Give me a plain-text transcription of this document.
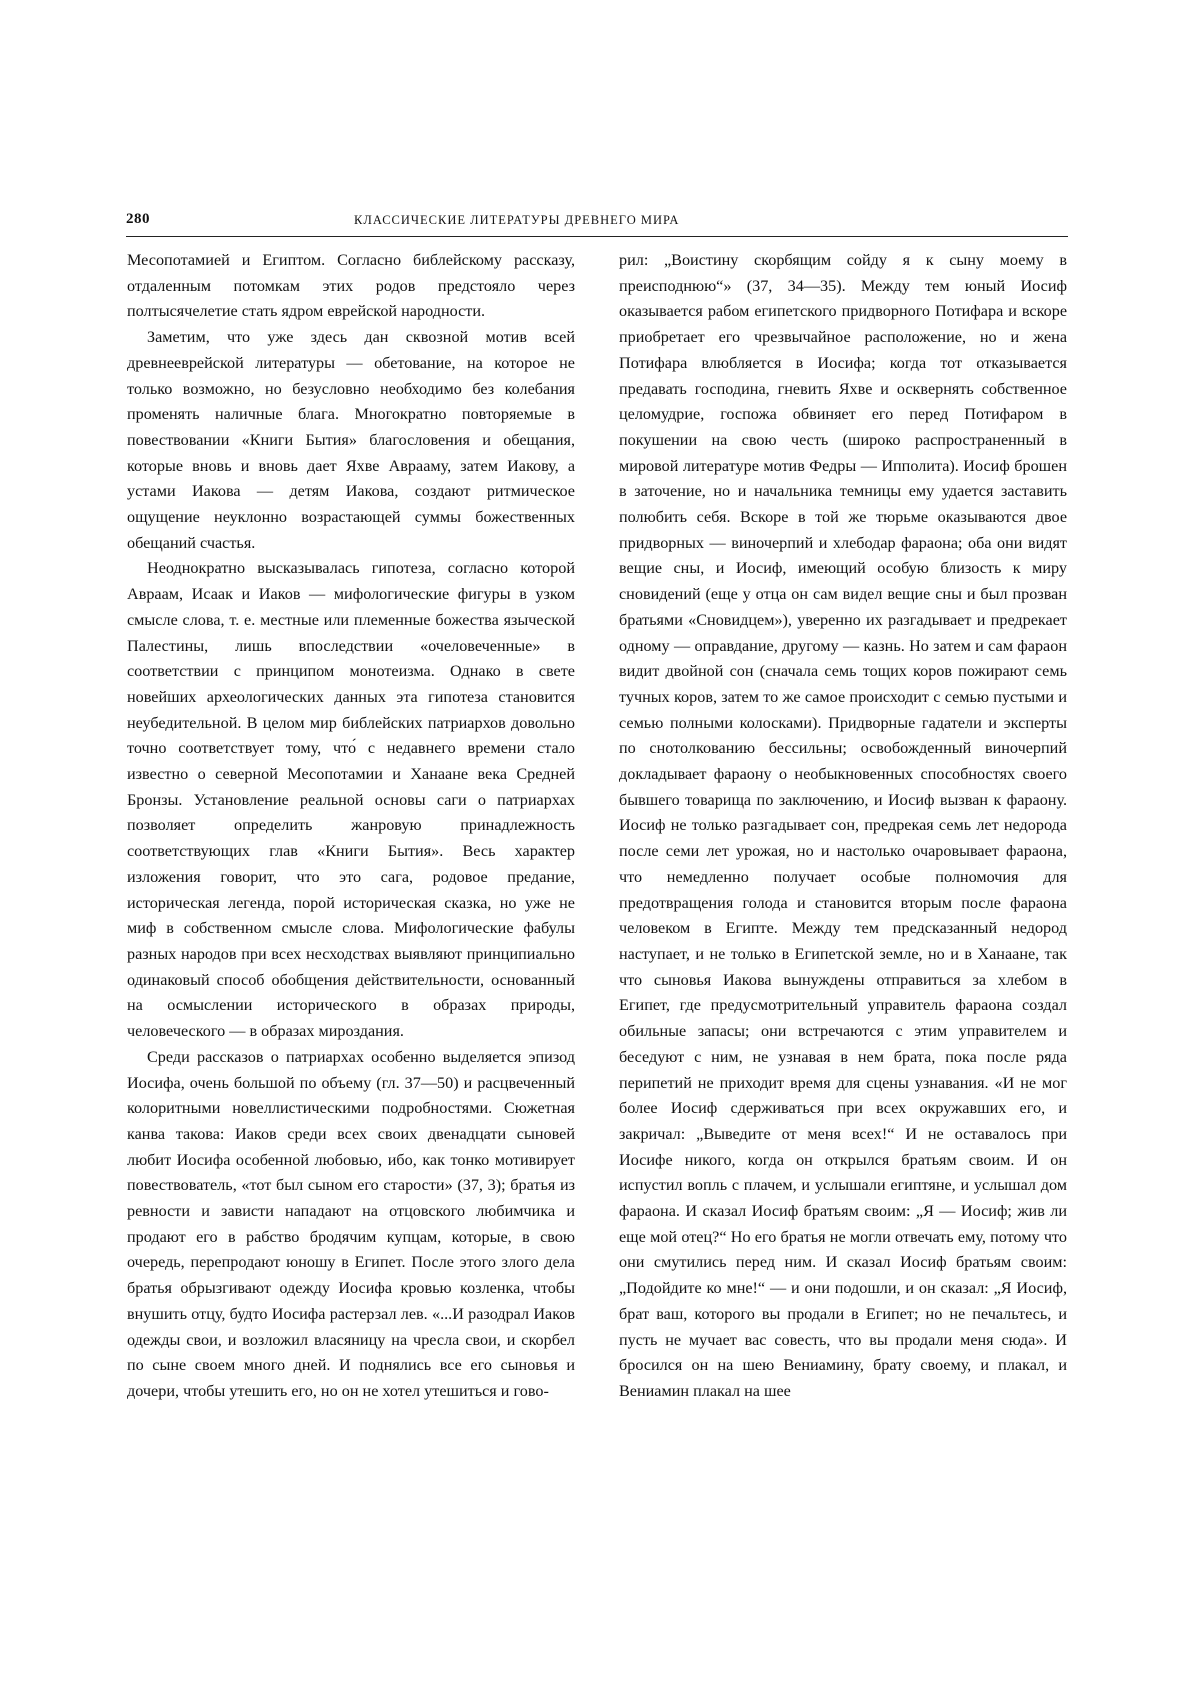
280	КЛАССИЧЕСКИЕ ЛИТЕРАТУРЫ ДРЕВНЕГО МИРА

Месопотамией и Египтом. Согласно библейскому рассказу, отдаленным потомкам этих родов предстояло через полтысячелетие стать ядром еврейской народности.

Заметим, что уже здесь дан сквозной мотив всей древнееврейской литературы — обетование, на которое не только возможно, но безусловно необходимо без колебания променять наличные блага. Многократно повторяемые в повествовании «Книги Бытия» благословения и обещания, которые вновь и вновь дает Яхве Аврааму, затем Иакову, а устами Иакова — детям Иакова, создают ритмическое ощущение неуклонно возрастающей суммы божественных обещаний счастья.

Неоднократно высказывалась гипотеза, согласно которой Авраам, Исаак и Иаков — мифологические фигуры в узком смысле слова, т. е. местные или племенные божества языческой Палестины, лишь впоследствии «очеловеченные» в соответствии с принципом монотеизма. Однако в свете новейших археологических данных эта гипотеза становится неубедительной. В целом мир библейских патриархов довольно точно соответствует тому, что́ с недавнего времени стало известно о северной Месопотамии и Ханаане века Средней Бронзы. Установление реальной основы саги о патриархах позволяет определить жанровую принадлежность соответствующих глав «Книги Бытия». Весь характер изложения говорит, что это сага, родовое предание, историческая легенда, порой историческая сказка, но уже не миф в собственном смысле слова. Мифологические фабулы разных народов при всех несходствах выявляют принципиально одинаковый способ обобщения действительности, основанный на осмыслении исторического в образах природы, человеческого — в образах мироздания.

Среди рассказов о патриархах особенно выделяется эпизод Иосифа, очень большой по объему (гл. 37—50) и расцвеченный колоритными новеллистическими подробностями. Сюжетная канва такова: Иаков среди всех своих двенадцати сыновей любит Иосифа особенной любовью, ибо, как тонко мотивирует повествователь, «тот был сыном его старости» (37, 3); братья из ревности и зависти нападают на отцовского любимчика и продают его в рабство бродячим купцам, которые, в свою очередь, перепродают юношу в Египет. После этого злого дела братья обрызгивают одежду Иосифа кровью козленка, чтобы внушить отцу, будто Иосифа растерзал лев. «...И разодрал Иаков одежды свои, и возложил власяницу на чресла свои, и скорбел по сыне своем много дней. И поднялись все его сыновья и дочери, чтобы утешить его, но он не хотел утешиться и гово-

рил: „Воистину скорбящим сойду я к сыну моему в преисподнюю“» (37, 34—35). Между тем юный Иосиф оказывается рабом египетского придворного Потифара и вскоре приобретает его чрезвычайное расположение, но и жена Потифара влюбляется в Иосифа; когда тот отказывается предавать господина, гневить Яхве и осквернять собственное целомудрие, госпожа обвиняет его перед Потифаром в покушении на свою честь (широко распространенный в мировой литературе мотив Федры — Ипполита). Иосиф брошен в заточение, но и начальника темницы ему удается заставить полюбить себя. Вскоре в той же тюрьме оказываются двое придворных — виночерпий и хлебодар фараона; оба они видят вещие сны, и Иосиф, имеющий особую близость к миру сновидений (еще у отца он сам видел вещие сны и был прозван братьями «Сновидцем»), уверенно их разгадывает и предрекает одному — оправдание, другому — казнь. Но затем и сам фараон видит двойной сон (сначала семь тощих коров пожирают семь тучных коров, затем то же самое происходит с семью пустыми и семью полными колосками). Придворные гадатели и эксперты по снотолкованию бессильны; освобожденный виночерпий докладывает фараону о необыкновенных способностях своего бывшего товарища по заключению, и Иосиф вызван к фараону. Иосиф не только разгадывает сон, предрекая семь лет недорода после семи лет урожая, но и настолько очаровывает фараона, что немедленно получает особые полномочия для предотвращения голода и становится вторым после фараона человеком в Египте. Между тем предсказанный недород наступает, и не только в Египетской земле, но и в Ханаане, так что сыновья Иакова вынуждены отправиться за хлебом в Египет, где предусмотрительный управитель фараона создал обильные запасы; они встречаются с этим управителем и беседуют с ним, не узнавая в нем брата, пока после ряда перипетий не приходит время для сцены узнавания. «И не мог более Иосиф сдерживаться при всех окружавших его, и закричал: „Выведите от меня всех!“ И не оставалось при Иосифе никого, когда он открылся братьям своим. И он испустил вопль с плачем, и услышали египтяне, и услышал дом фараона. И сказал Иосиф братьям своим: „Я — Иосиф; жив ли еще мой отец?“ Но его братья не могли отвечать ему, потому что они смутились перед ним. И сказал Иосиф братьям своим: „Подойдите ко мне!“ — и они подошли, и он сказал: „Я Иосиф, брат ваш, которого вы продали в Египет; но не печальтесь, и пусть не мучает вас совесть, что вы продали меня сюда». И бросился он на шею Вениамину, брату своему, и плакал, и Вениамин плакал на шее
